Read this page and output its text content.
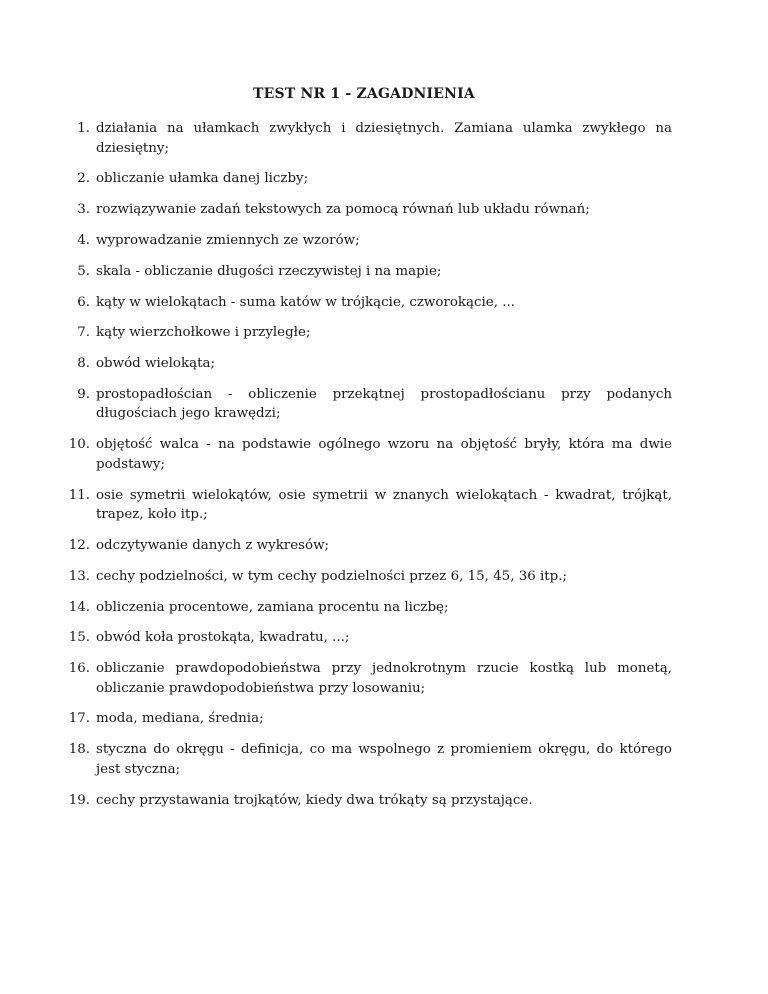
TEST NR 1 - ZAGADNIENIA
1. działania na ułamkach zwykłych i dziesiętnych. Zamiana ulamka zwykłego na dziesiętny;
2. obliczanie ułamka danej liczby;
3. rozwiązywanie zadań tekstowych za pomocą równań lub układu równań;
4. wyprowadzanie zmiennych ze wzorów;
5. skala - obliczanie długości rzeczywistej i na mapie;
6. kąty w wielokątach - suma katów w trójkącie, czworokącie, ...
7. kąty wierzchołkowe i przyległe;
8. obwód wielokąta;
9. prostopadłościan - obliczenie przekątnej prostopadłościanu przy podanych długościach jego krawędzi;
10. objętość walca - na podstawie ogólnego wzoru na objętość bryły, która ma dwie podstawy;
11. osie symetrii wielokątów, osie symetrii w znanych wielokątach - kwadrat, trójkąt, trapez, koło itp.;
12. odczytywanie danych z wykresów;
13. cechy podzielności, w tym cechy podzielności przez 6, 15, 45, 36 itp.;
14. obliczenia procentowe, zamiana procentu na liczbę;
15. obwód koła prostokąta, kwadratu, ...;
16. obliczanie prawdopodobieństwa przy jednokrotnym rzucie kostką lub monetą, obliczanie prawdopodobieństwa przy losowaniu;
17. moda, mediana, średnia;
18. styczna do okręgu - definicja, co ma wspolnego z promieniem okręgu, do którego jest styczna;
19. cechy przystawania trojkątów, kiedy dwa trókąty są przystające.
